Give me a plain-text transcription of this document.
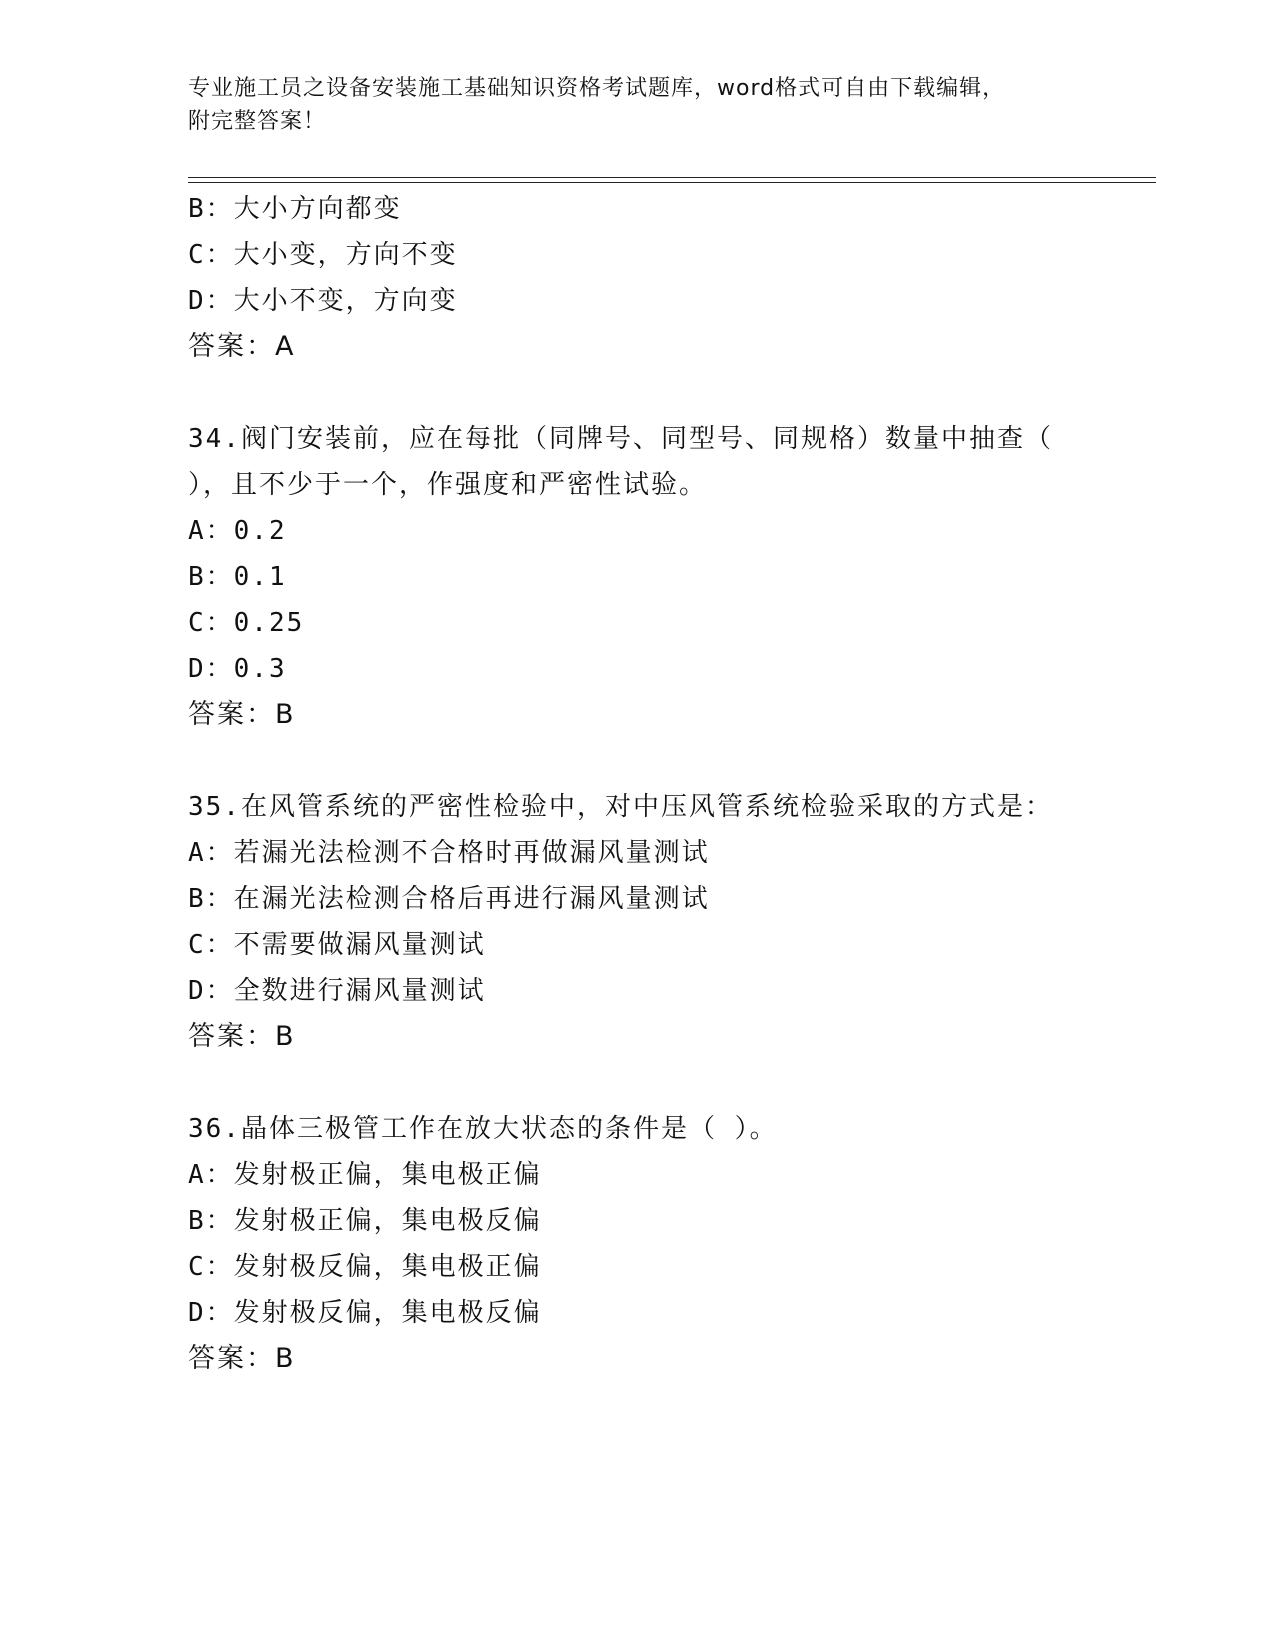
专业施工员之设备安装施工基础知识资格考试题库，word格式可自由下载编辑，
附完整答案！
B：大小方向都变
C：大小变，方向不变
D：大小不变，方向变
答案：A
34.阀门安装前，应在每批（同牌号、同型号、同规格）数量中抽查（
），且不少于一个，作强度和严密性试验。
A：0.2
B：0.1
C：0.25
D：0.3
答案：B
35.在风管系统的严密性检验中，对中压风管系统检验采取的方式是：
A：若漏光法检测不合格时再做漏风量测试
B：在漏光法检测合格后再进行漏风量测试
C：不需要做漏风量测试
D：全数进行漏风量测试
答案：B
36.晶体三极管工作在放大状态的条件是（ ）。
A：发射极正偏，集电极正偏
B：发射极正偏，集电极反偏
C：发射极反偏，集电极正偏
D：发射极反偏，集电极反偏
答案：B
